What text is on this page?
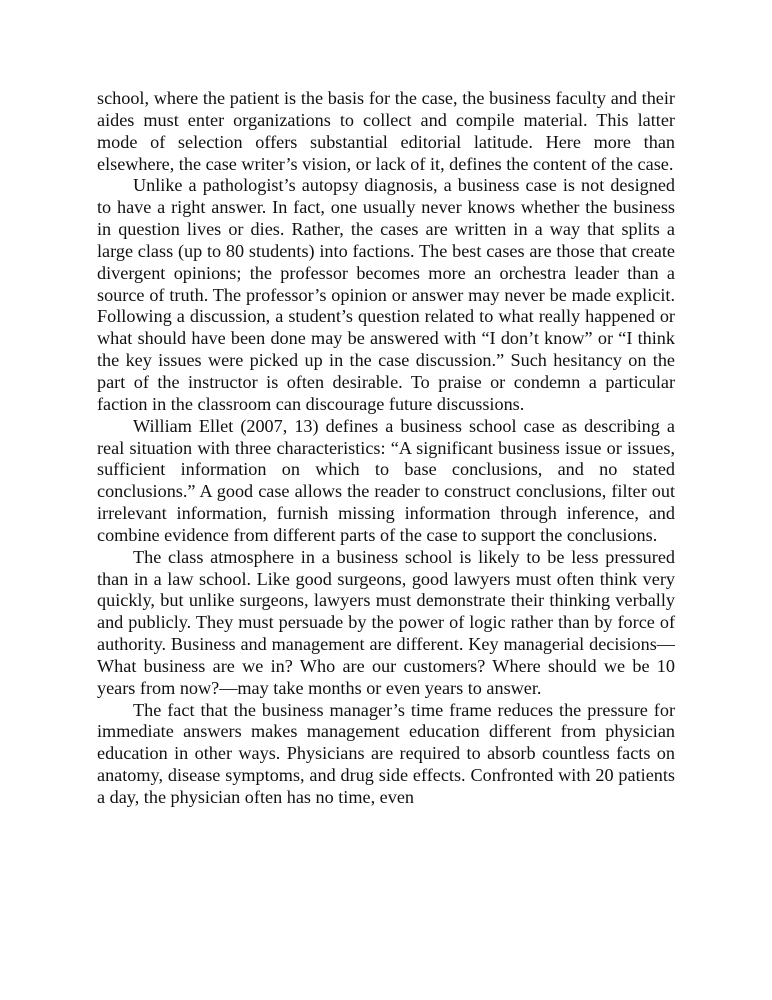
school, where the patient is the basis for the case, the business faculty and their aides must enter organizations to collect and compile material. This latter mode of selection offers substantial editorial latitude. Here more than elsewhere, the case writer’s vision, or lack of it, defines the content of the case.

Unlike a pathologist’s autopsy diagnosis, a business case is not designed to have a right answer. In fact, one usually never knows whether the business in question lives or dies. Rather, the cases are written in a way that splits a large class (up to 80 students) into factions. The best cases are those that create divergent opinions; the professor becomes more an orchestra leader than a source of truth. The professor’s opinion or answer may never be made explicit. Following a discussion, a student’s question related to what really happened or what should have been done may be answered with “I don’t know” or “I think the key issues were picked up in the case discussion.” Such hesitancy on the part of the instructor is often desirable. To praise or condemn a particular faction in the classroom can discourage future discussions.

William Ellet (2007, 13) defines a business school case as describing a real situation with three characteristics: “A significant business issue or issues, sufficient information on which to base conclusions, and no stated conclusions.” A good case allows the reader to construct conclusions, filter out irrelevant information, furnish missing information through inference, and combine evidence from different parts of the case to support the conclusions.

The class atmosphere in a business school is likely to be less pressured than in a law school. Like good surgeons, good lawyers must often think very quickly, but unlike surgeons, lawyers must demonstrate their thinking verbally and publicly. They must persuade by the power of logic rather than by force of authority. Business and management are different. Key managerial decisions—What business are we in? Who are our customers? Where should we be 10 years from now?—may take months or even years to answer.

The fact that the business manager’s time frame reduces the pressure for immediate answers makes management education different from physician education in other ways. Physicians are required to absorb countless facts on anatomy, disease symptoms, and drug side effects. Confronted with 20 patients a day, the physician often has no time, even
